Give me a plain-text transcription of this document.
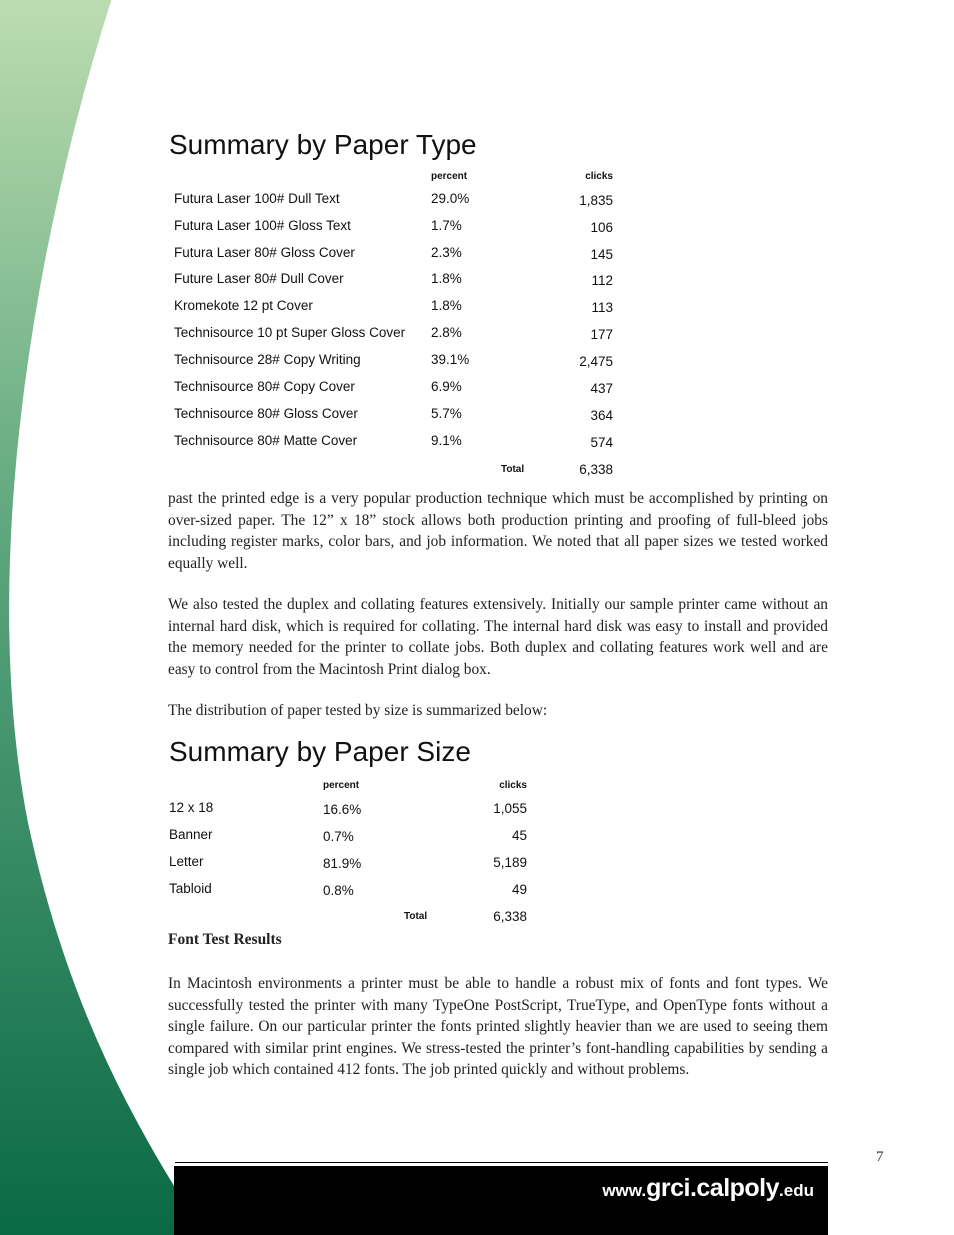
Summary by Paper Type
percent	clicks
Futura Laser 100# Dull Text	29.0%	1,835
Futura Laser 100# Gloss Text	1.7%	106
Futura Laser 80# Gloss Cover	2.3%	145
Future Laser 80# Dull Cover	1.8%	112
Kromekote 12 pt Cover	1.8%	113
Technisource 10 pt Super Gloss Cover 2.8%	177
Technisource 28# Copy Writing	39.1%	2,475
Technisource 80# Copy Cover	6.9%	437
Technisource 80# Gloss Cover	5.7%	364
Technisource 80# Matte Cover	9.1%	574
Total	6,338

past the printed edge is a very popular production technique which must be accomplished by printing on over-sized paper. The 12” x 18” stock allows both production printing and proofing of full-bleed jobs including register marks, color bars, and job information. We noted that all paper sizes we tested worked equally well.

We also tested the duplex and collating features extensively. Initially our sample printer came without an internal hard disk, which is required for collating. The internal hard disk was easy to install and provided the memory needed for the printer to collate jobs. Both duplex and collating features work well and are easy to control from the Macintosh Print dialog box.

The distribution of paper tested by size is summarized below:

Summary by Paper Size
percent	clicks
12 x 18	16.6%	1,055
Banner	0.7%	45
Letter	81.9%	5,189
Tabloid	0.8%	49
Total	6,338
Font Test Results

In Macintosh environments a printer must be able to handle a robust mix of fonts and font types. We successfully tested the printer with many TypeOne PostScript, TrueType, and OpenType fonts without a single failure. On our particular printer the fonts printed slightly heavier than we are used to seeing them compared with similar print engines. We stress-tested the printer’s font-handling capabilities by sending a single job which contained 412 fonts. The job printed quickly and without problems.

7
www.grci.calpoly.edu
